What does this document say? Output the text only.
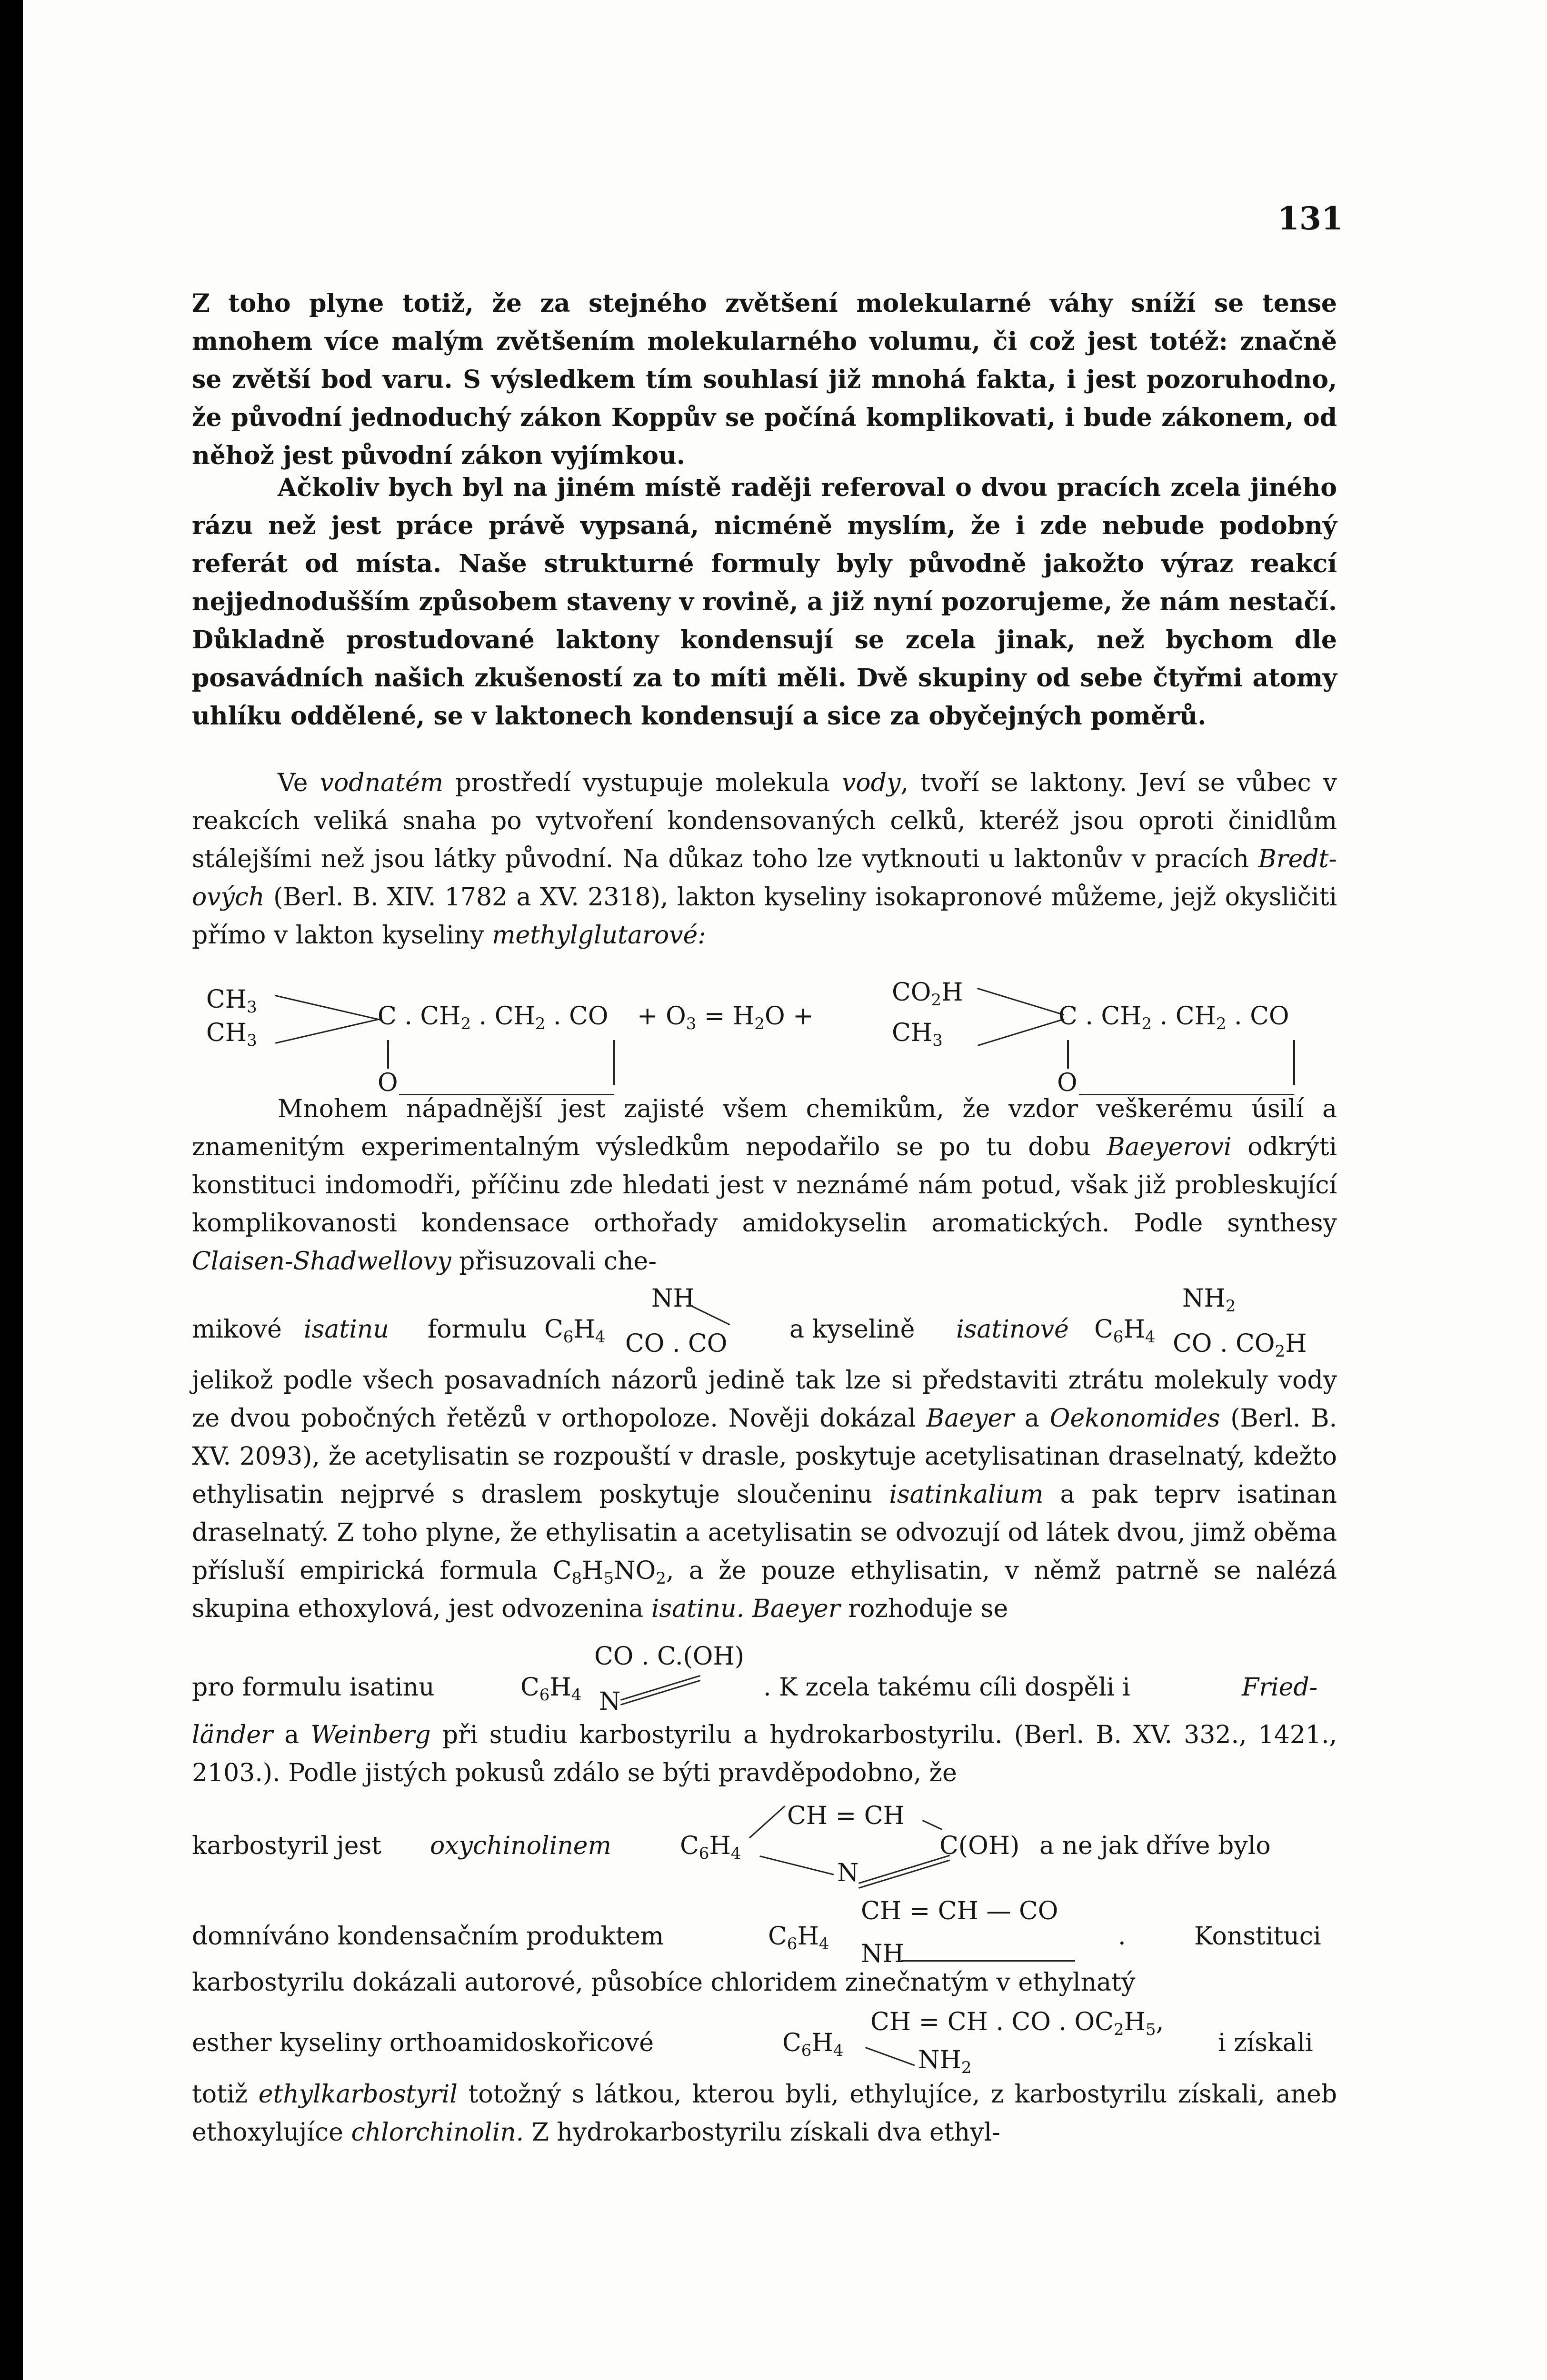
131

Z toho plyne totiž, že za stejného zvětšení molekularné váhy sníží se tense mnohem více malým zvětšením molekularného volumu, či což jest totéž: značně se zvětší bod varu. S výsledkem tím souhlasí již mnohá fakta, i jest pozoruhodno, že původní jednoduchý zákon Koppův se počíná komplikovati, i bude zákonem, od něhož jest původní zákon vyjímkou.

Ačkoliv bych byl na jiném místě raději referoval o dvou pracích zcela jiného rázu než jest práce právě vypsaná, nicméně myslím, že i zde nebude podobný referát od místa. Naše strukturné formuly byly původně jakožto výraz reakcí nejjednodušším způsobem staveny v rovině, a již nyní pozorujeme, že nám nestačí. Důkladně prostudované laktony kondensují se zcela jinak, než bychom dle posavádních našich zkušeností za to míti měli. Dvě skupiny od sebe čtyřmi atomy uhlíku oddělené, se v laktonech kondensují a sice za obyčejných poměrů.

Ve vodnatém prostředí vystupuje molekula vody, tvoří se laktony. Jeví se vůbec v reakcích veliká snaha po vytvoření kondensovaných celků, kteréž jsou oproti činidlům stálejšími než jsou látky původní. Na důkaz toho lze vytknouti u laktonův v pracích Bredt-ových (Berl. B. XIV. 1782 a XV. 2318), lakton kyseliny isokapronové můžeme, jejž okysličiti přímo v lakton kyseliny methylglutarové:

$CH_3$
$CH_3$
C . $CH_2$ . $CH_2$ . CO + $O_3 = H_2O$ +
$CO_2H$
$CH_3$
C . $CH_2$ . $CH_2$ . CO
O	O

Mnohem nápadnější jest zajisté všem chemikům, že vzdor veškerému úsilí a znamenitým experimentalným výsledkům nepodařilo se po tu dobu Baeyerovi odkrýti konstituci indomodři, příčinu zde hledati jest v neznámé nám potud, však již probleskující komplikovanosti kondensace orthořady amidokyselin aromatických. Podle synthesy Claisen-Shadwellovy přisuzovali che-

mikové isatinu formulu $C_6H_4$
NH
CO . CO	a kyselině isatinové $C_6H_4$
$NH_2$
CO . $CO_2H$

jelikož podle všech posavadních názorů jedině tak lze si představiti ztrátu molekuly vody ze dvou pobočných řetězů v orthopoloze. Nověji dokázal Baeyer a Oekonomides (Berl. B. XV. 2093), že acetylisatin se rozpouští v drasle, poskytuje acetylisatinan draselnatý, kdežto ethylisatin nejprvé s draslem poskytuje sloučeninu isatinkalium a pak teprv isatinan draselnatý. Z toho plyne, že ethylisatin a acetylisatin se odvozují od látek dvou, jimž oběma přísluší empirická formula $C_8H_5NO_2$, a že pouze ethylisatin, v němž patrně se nalézá skupina ethoxylová, jest odvozenina isatinu. Baeyer rozhoduje se

pro formulu isatinu	$C_6H_4$
CO . C.(OH)
N	. K zcela takému cíli dospěli i	Fried-

länder a Weinberg při studiu karbostyrilu a hydrokarbostyrilu. (Berl. B. XV. 332., 1421., 2103.). Podle jistých pokusů zdálo se býti pravděpodobno, že

CH = CH
karbostyril jest oxychinolinem	$C_6H_4$	C(OH)
N
a ne jak dříve bylo
CH = CH — CO
domníváno kondensačním produktem	$C_6H_4$ NH
.	Konstituci

karbostyrilu dokázali autorové, působíce chloridem zinečnatým v ethylnatý

CH = CH . CO . $OC_2H_5$,
esther kyseliny orthoamidoskořicové	$C_6H_4$	$NH_2$
i získali

totiž ethylkarbostyril totožný s látkou, kterou byli, ethylujíce, z karbostyrilu získali, aneb ethoxylujíce chlorchinolin. Z hydrokarbostyrilu získali dva ethyl-
